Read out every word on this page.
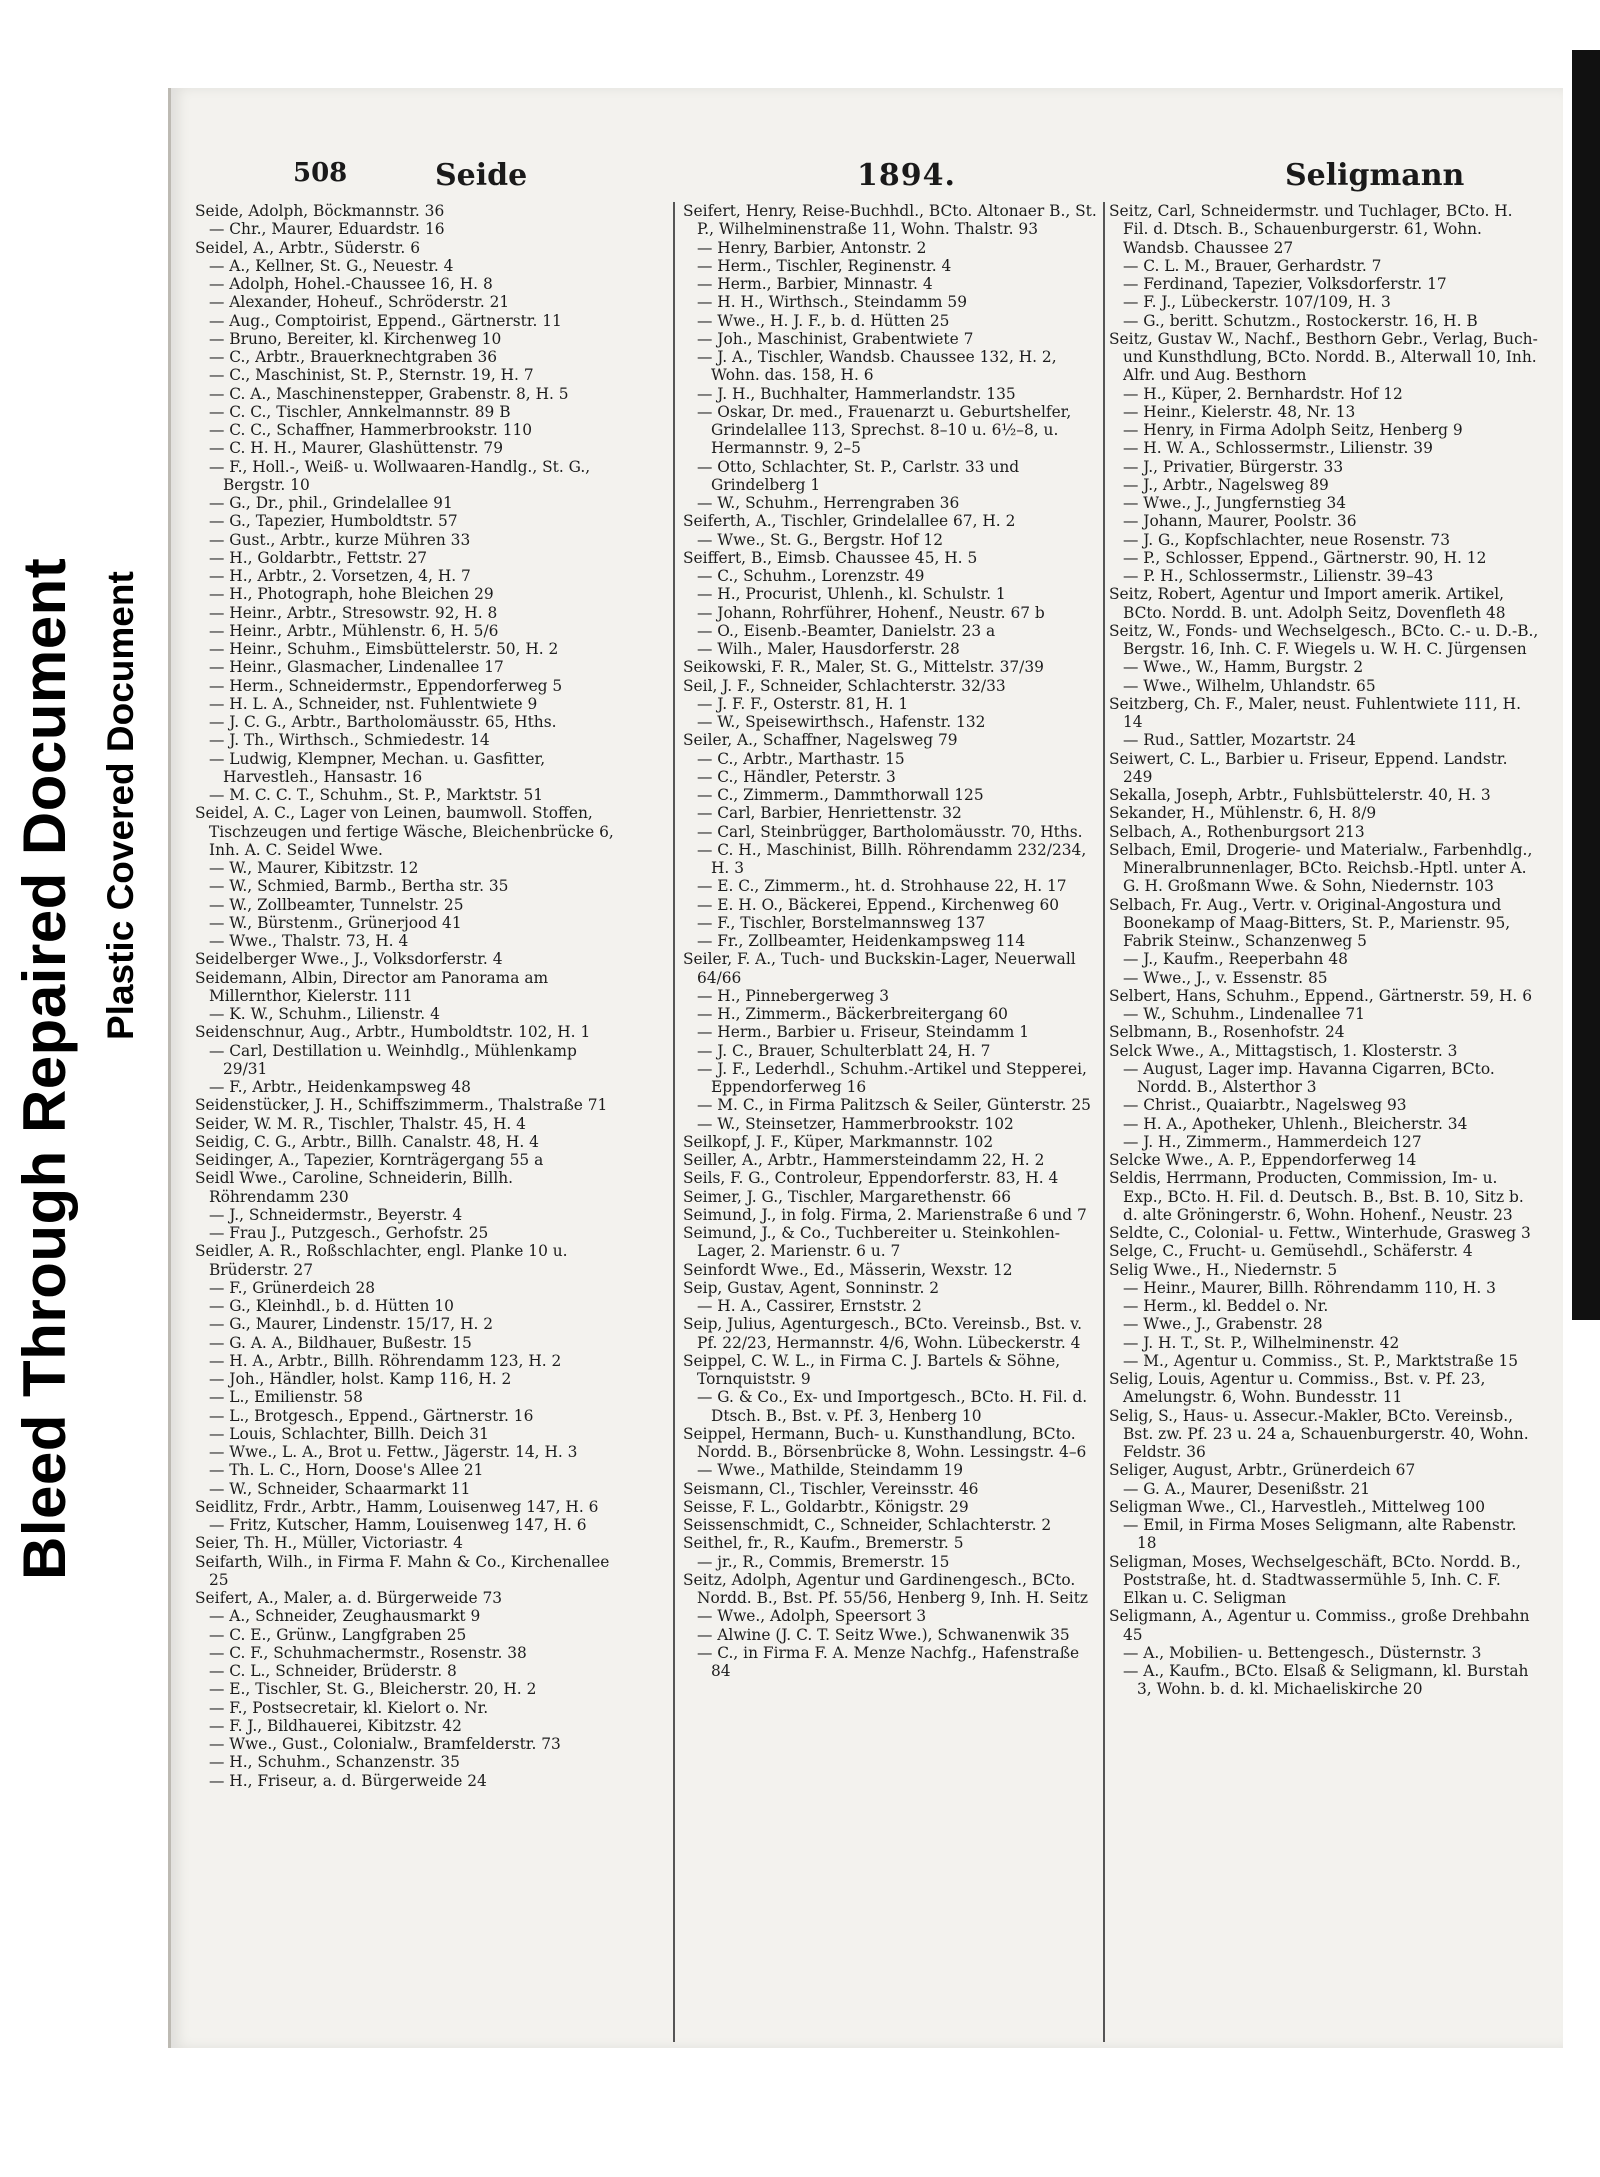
Bleed Through Repaired Document Plastic Covered Document
508	Seide	1894.	Seligmann

Seide, Adolph, Böckmannstr. 36

— Chr., Maurer, Eduardstr. 16

Seidel, A., Arbtr., Süderstr. 6

— A., Kellner, St. G., Neuestr. 4

— Adolph, Hohel.-Chaussee 16, H. 8

— Alexander, Hoheuf., Schröderstr. 21

— Aug., Comptoirist, Eppend., Gärtnerstr. 11

— Bruno, Bereiter, kl. Kirchenweg 10

— C., Arbtr., Brauerknechtgraben 36

— C., Maschinist, St. P., Sternstr. 19, H. 7

— C. A., Maschinenstepper, Grabenstr. 8, H. 5

— C. C., Tischler, Annkelmannstr. 89 B

— C. C., Schaffner, Hammerbrookstr. 110

— C. H. H., Maurer, Glashüttenstr. 79

— F., Holl.-, Weiß- u. Wollwaaren-Handlg., St. G., Bergstr. 10

— G., Dr., phil., Grindelallee 91

— G., Tapezier, Humboldtstr. 57

— Gust., Arbtr., kurze Mühren 33

— H., Goldarbtr., Fettstr. 27

— H., Arbtr., 2. Vorsetzen, 4, H. 7

— H., Photograph, hohe Bleichen 29

— Heinr., Arbtr., Stresowstr. 92, H. 8

— Heinr., Arbtr., Mühlenstr. 6, H. 5/6

— Heinr., Schuhm., Eimsbüttelerstr. 50, H. 2

— Heinr., Glasmacher, Lindenallee 17

— Herm., Schneidermstr., Eppendorferweg 5

— H. L. A., Schneider, nst. Fuhlentwiete 9

— J. C. G., Arbtr., Bartholomäusstr. 65, Hths.

— J. Th., Wirthsch., Schmiedestr. 14

— Ludwig, Klempner, Mechan. u. Gasfitter, Harvestleh., Hansastr. 16

— M. C. C. T., Schuhm., St. P., Marktstr. 51

Seidel, A. C., Lager von Leinen, baumwoll. Stoffen, Tischzeugen und fertige Wäsche, Bleichenbrücke 6, Inh. A. C. Seidel Wwe.

— W., Maurer, Kibitzstr. 12

— W., Schmied, Barmb., Bertha str. 35

— W., Zollbeamter, Tunnelstr. 25

— W., Bürstenm., Grünerjood 41

— Wwe., Thalstr. 73, H. 4

Seidelberger Wwe., J., Volksdorferstr. 4

Seidemann, Albin, Director am Panorama am Millernthor, Kielerstr. 111

— K. W., Schuhm., Lilienstr. 4

Seidenschnur, Aug., Arbtr., Humboldtstr. 102, H. 1

— Carl, Destillation u. Weinhdlg., Mühlenkamp 29/31

— F., Arbtr., Heidenkampsweg 48

Seidenstücker, J. H., Schiffszimmerm., Thalstraße 71

Seider, W. M. R., Tischler, Thalstr. 45, H. 4

Seidig, C. G., Arbtr., Billh. Canalstr. 48, H. 4

Seidinger, A., Tapezier, Kornträgergang 55 a

Seidl Wwe., Caroline, Schneiderin, Billh. Röhrendamm 230

— J., Schneidermstr., Beyerstr. 4

— Frau J., Putzgesch., Gerhofstr. 25

Seidler, A. R., Roßschlachter, engl. Planke 10 u. Brüderstr. 27

— F., Grünerdeich 28

— G., Kleinhdl., b. d. Hütten 10

— G., Maurer, Lindenstr. 15/17, H. 2

— G. A. A., Bildhauer, Bußestr. 15

— H. A., Arbtr., Billh. Röhrendamm 123, H. 2

— Joh., Händler, holst. Kamp 116, H. 2

— L., Emilienstr. 58

— L., Brotgesch., Eppend., Gärtnerstr. 16

— Louis, Schlachter, Billh. Deich 31

— Wwe., L. A., Brot u. Fettw., Jägerstr. 14, H. 3

— Th. L. C., Horn, Doose's Allee 21

— W., Schneider, Schaarmarkt 11

Seidlitz, Frdr., Arbtr., Hamm, Louisenweg 147, H. 6

— Fritz, Kutscher, Hamm, Louisenweg 147, H. 6

Seier, Th. H., Müller, Victoriastr. 4

Seifarth, Wilh., in Firma F. Mahn & Co., Kirchenallee 25

Seifert, A., Maler, a. d. Bürgerweide 73

— A., Schneider, Zeughausmarkt 9

— C. E., Grünw., Langfgraben 25

— C. F., Schuhmachermstr., Rosenstr. 38

— C. L., Schneider, Brüderstr. 8

— E., Tischler, St. G., Bleicherstr. 20, H. 2

— F., Postsecretair, kl. Kielort o. Nr.

— F. J., Bildhauerei, Kibitzstr. 42

— Wwe., Gust., Colonialw., Bramfelderstr. 73

— H., Schuhm., Schanzenstr. 35

— H., Friseur, a. d. Bürgerweide 24

Seifert, Henry, Reise-Buchhdl., BCto. Altonaer B., St. P., Wilhelminenstraße 11, Wohn. Thalstr. 93

— Henry, Barbier, Antonstr. 2

— Herm., Tischler, Reginenstr. 4

— Herm., Barbier, Minnastr. 4

— H. H., Wirthsch., Steindamm 59

— Wwe., H. J. F., b. d. Hütten 25

— Joh., Maschinist, Grabentwiete 7

— J. A., Tischler, Wandsb. Chaussee 132, H. 2, Wohn. das. 158, H. 6

— J. H., Buchhalter, Hammerlandstr. 135

— Oskar, Dr. med., Frauenarzt u. Geburtshelfer, Grindelallee 113, Sprechst. 8–10 u. 6½–8, u. Hermannstr. 9, 2–5

— Otto, Schlachter, St. P., Carlstr. 33 und Grindelberg 1

— W., Schuhm., Herrengraben 36

Seiferth, A., Tischler, Grindelallee 67, H. 2

— Wwe., St. G., Bergstr. Hof 12

Seiffert, B., Eimsb. Chaussee 45, H. 5

— C., Schuhm., Lorenzstr. 49

— H., Procurist, Uhlenh., kl. Schulstr. 1

— Johann, Rohrführer, Hohenf., Neustr. 67 b

— O., Eisenb.-Beamter, Danielstr. 23 a

— Wilh., Maler, Hausdorferstr. 28

Seikowski, F. R., Maler, St. G., Mittelstr. 37/39

Seil, J. F., Schneider, Schlachterstr. 32/33

— J. F. F., Osterstr. 81, H. 1

— W., Speisewirthsch., Hafenstr. 132

Seiler, A., Schaffner, Nagelsweg 79

— C., Arbtr., Marthastr. 15

— C., Händler, Peterstr. 3

— C., Zimmerm., Dammthorwall 125

— Carl, Barbier, Henriettenstr. 32

— Carl, Steinbrügger, Bartholomäusstr. 70, Hths.

— C. H., Maschinist, Billh. Röhrendamm 232/234, H. 3

— E. C., Zimmerm., ht. d. Strohhause 22, H. 17

— E. H. O., Bäckerei, Eppend., Kirchenweg 60

— F., Tischler, Borstelmannsweg 137

— Fr., Zollbeamter, Heidenkampsweg 114

Seiler, F. A., Tuch- und Buckskin-Lager, Neuerwall 64/66

— H., Pinnebergerweg 3

— H., Zimmerm., Bäckerbreitergang 60

— Herm., Barbier u. Friseur, Steindamm 1

— J. C., Brauer, Schulterblatt 24, H. 7

— J. F., Lederhdl., Schuhm.-Artikel und Stepperei, Eppendorferweg 16

— M. C., in Firma Palitzsch & Seiler, Günterstr. 25

— W., Steinsetzer, Hammerbrookstr. 102

Seilkopf, J. F., Küper, Markmannstr. 102

Seiller, A., Arbtr., Hammersteindamm 22, H. 2

Seils, F. G., Controleur, Eppendorferstr. 83, H. 4

Seimer, J. G., Tischler, Margarethenstr. 66

Seimund, J., in folg. Firma, 2. Marienstraße 6 und 7

Seimund, J., & Co., Tuchbereiter u. Steinkohlen-Lager, 2. Marienstr. 6 u. 7

Seinfordt Wwe., Ed., Mässerin, Wexstr. 12

Seip, Gustav, Agent, Sonninstr. 2

— H. A., Cassirer, Ernststr. 2

Seip, Julius, Agenturgesch., BCto. Vereinsb., Bst. v. Pf. 22/23, Hermannstr. 4/6, Wohn. Lübeckerstr. 4

Seippel, C. W. L., in Firma C. J. Bartels & Söhne, Tornquiststr. 9

— G. & Co., Ex- und Importgesch., BCto. H. Fil. d. Dtsch. B., Bst. v. Pf. 3, Henberg 10

Seippel, Hermann, Buch- u. Kunsthandlung, BCto. Nordd. B., Börsenbrücke 8, Wohn. Lessingstr. 4–6

— Wwe., Mathilde, Steindamm 19

Seismann, Cl., Tischler, Vereinsstr. 46

Seisse, F. L., Goldarbtr., Königstr. 29

Seissenschmidt, C., Schneider, Schlachterstr. 2

Seithel, fr., R., Kaufm., Bremerstr. 5

— jr., R., Commis, Bremerstr. 15

Seitz, Adolph, Agentur und Gardinengesch., BCto. Nordd. B., Bst. Pf. 55/56, Henberg 9, Inh. H. Seitz

— Wwe., Adolph, Speersort 3

— Alwine (J. C. T. Seitz Wwe.), Schwanenwik 35

— C., in Firma F. A. Menze Nachfg., Hafenstraße 84

Seitz, Carl, Schneidermstr. und Tuchlager, BCto. H. Fil. d. Dtsch. B., Schauenburgerstr. 61, Wohn. Wandsb. Chaussee 27

— C. L. M., Brauer, Gerhardstr. 7

— Ferdinand, Tapezier, Volksdorferstr. 17

— F. J., Lübeckerstr. 107/109, H. 3

— G., beritt. Schutzm., Rostockerstr. 16, H. B

Seitz, Gustav W., Nachf., Besthorn Gebr., Verlag, Buch- und Kunsthdlung, BCto. Nordd. B., Alterwall 10, Inh. Alfr. und Aug. Besthorn

— H., Küper, 2. Bernhardstr. Hof 12

— Heinr., Kielerstr. 48, Nr. 13

— Henry, in Firma Adolph Seitz, Henberg 9

— H. W. A., Schlossermstr., Lilienstr. 39

— J., Privatier, Bürgerstr. 33

— J., Arbtr., Nagelsweg 89

— Wwe., J., Jungfernstieg 34

— Johann, Maurer, Poolstr. 36

— J. G., Kopfschlachter, neue Rosenstr. 73

— P., Schlosser, Eppend., Gärtnerstr. 90, H. 12

— P. H., Schlossermstr., Lilienstr. 39–43

Seitz, Robert, Agentur und Import amerik. Artikel, BCto. Nordd. B. unt. Adolph Seitz, Dovenfleth 48

Seitz, W., Fonds- und Wechselgesch., BCto. C.- u. D.-B., Bergstr. 16, Inh. C. F. Wiegels u. W. H. C. Jürgensen

— Wwe., W., Hamm, Burgstr. 2

— Wwe., Wilhelm, Uhlandstr. 65

Seitzberg, Ch. F., Maler, neust. Fuhlentwiete 111, H. 14

— Rud., Sattler, Mozartstr. 24

Seiwert, C. L., Barbier u. Friseur, Eppend. Landstr. 249

Sekalla, Joseph, Arbtr., Fuhlsbüttelerstr. 40, H. 3

Sekander, H., Mühlenstr. 6, H. 8/9

Selbach, A., Rothenburgsort 213

Selbach, Emil, Drogerie- und Materialw., Farbenhdlg., Mineralbrunnenlager, BCto. Reichsb.-Hptl. unter A. G. H. Großmann Wwe. & Sohn, Niedernstr. 103

Selbach, Fr. Aug., Vertr. v. Original-Angostura und Boonekamp of Maag-Bitters, St. P., Marienstr. 95, Fabrik Steinw., Schanzenweg 5

— J., Kaufm., Reeperbahn 48

— Wwe., J., v. Essenstr. 85

Selbert, Hans, Schuhm., Eppend., Gärtnerstr. 59, H. 6

— W., Schuhm., Lindenallee 71

Selbmann, B., Rosenhofstr. 24

Selck Wwe., A., Mittagstisch, 1. Klosterstr. 3

— August, Lager imp. Havanna Cigarren, BCto. Nordd. B., Alsterthor 3

— Christ., Quaiarbtr., Nagelsweg 93

— H. A., Apotheker, Uhlenh., Bleicherstr. 34

— J. H., Zimmerm., Hammerdeich 127

Selcke Wwe., A. P., Eppendorferweg 14

Seldis, Herrmann, Producten, Commission, Im- u. Exp., BCto. H. Fil. d. Deutsch. B., Bst. B. 10, Sitz b. d. alte Gröningerstr. 6, Wohn. Hohenf., Neustr. 23

Seldte, C., Colonial- u. Fettw., Winterhude, Grasweg 3

Selge, C., Frucht- u. Gemüsehdl., Schäferstr. 4

Selig Wwe., H., Niedernstr. 5

— Heinr., Maurer, Billh. Röhrendamm 110, H. 3

— Herm., kl. Beddel o. Nr.

— Wwe., J., Grabenstr. 28

— J. H. T., St. P., Wilhelminenstr. 42

— M., Agentur u. Commiss., St. P., Marktstraße 15

Selig, Louis, Agentur u. Commiss., Bst. v. Pf. 23, Amelungstr. 6, Wohn. Bundesstr. 11

Selig, S., Haus- u. Assecur.-Makler, BCto. Vereinsb., Bst. zw. Pf. 23 u. 24 a, Schauenburgerstr. 40, Wohn. Feldstr. 36

Seliger, August, Arbtr., Grünerdeich 67

— G. A., Maurer, Desenißstr. 21

Seligman Wwe., Cl., Harvestleh., Mittelweg 100

— Emil, in Firma Moses Seligmann, alte Rabenstr. 18

Seligman, Moses, Wechselgeschäft, BCto. Nordd. B., Poststraße, ht. d. Stadtwassermühle 5, Inh. C. F. Elkan u. C. Seligman

Seligmann, A., Agentur u. Commiss., große Drehbahn 45

— A., Mobilien- u. Bettengesch., Düsternstr. 3

— A., Kaufm., BCto. Elsaß & Seligmann, kl. Burstah 3, Wohn. b. d. kl. Michaeliskirche 20
